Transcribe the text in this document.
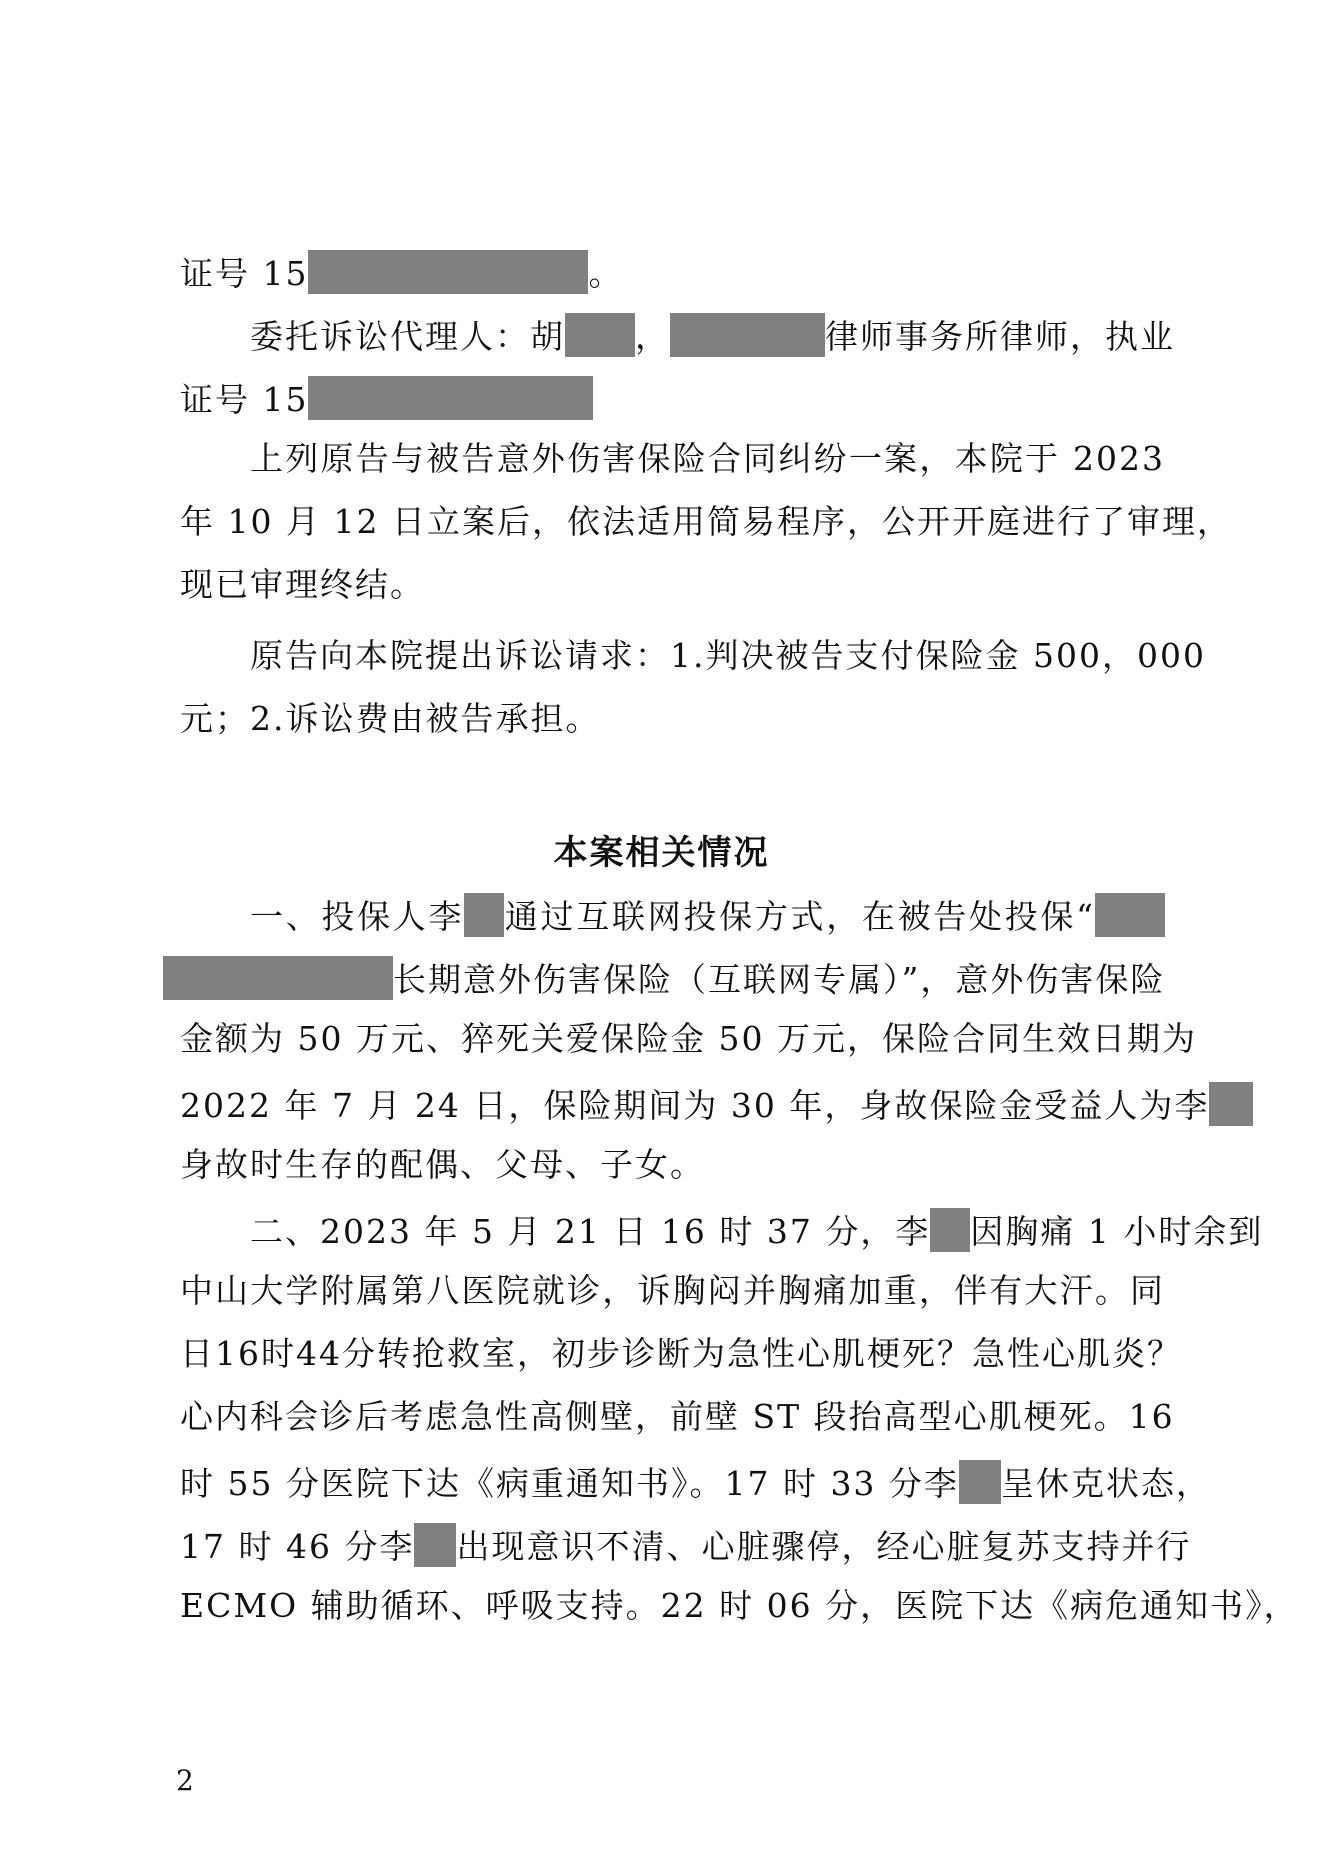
证号 15	。
委托诉讼代理人：胡 ，	律师事务所律师，执业
证号 15
上列原告与被告意外伤害保险合同纠纷一案，本院于 2023
年 10 月 12 日立案后，依法适用简易程序，公开开庭进行了审理，
现已审理终结。
原告向本院提出诉讼请求：1.判决被告支付保险金 500，000
元；2.诉讼费由被告承担。
本案相关情况
一、投保人李 通过互联网投保方式，在被告处投保“
长期意外伤害保险（互联网专属）”，意外伤害保险
金额为 50 万元、猝死关爱保险金 50 万元，保险合同生效日期为
2022 年 7 月 24 日，保险期间为 30 年，身故保险金受益人为李
身故时生存的配偶、父母、子女。
二、2023 年 5 月 21 日 16 时 37 分，李 因胸痛 1 小时余到
中山大学附属第八医院就诊，诉胸闷并胸痛加重，伴有大汗。同
日16时44分转抢救室，初步诊断为急性心肌梗死？急性心肌炎？
心内科会诊后考虑急性高侧壁，前壁 ST 段抬高型心肌梗死。16
时 55 分医院下达《病重通知书》。17 时 33 分李 呈休克状态，
17 时 46 分李 出现意识不清、心脏骤停，经心脏复苏支持并行
ECMO 辅助循环、呼吸支持。22 时 06 分，医院下达《病危通知书》，
2
